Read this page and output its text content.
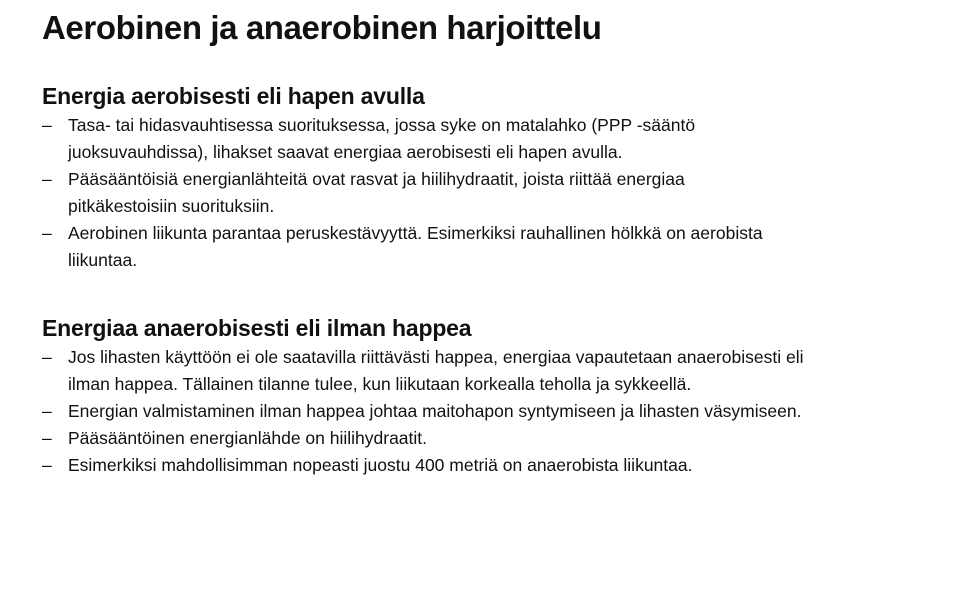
Aerobinen ja anaerobinen harjoittelu
Energia aerobisesti eli hapen avulla
– Tasa- tai hidasvauhtisessa suorituksessa, jossa syke on matalahko (PPP -sääntö juoksuvauhdissa), lihakset saavat energiaa aerobisesti eli hapen avulla.
– Pääsääntöisiä energianlähteitä ovat rasvat ja hiilihydraatit, joista riittää energiaa pitkäkestoisiin suorituksiin.
– Aerobinen liikunta parantaa peruskestävyyttä. Esimerkiksi rauhallinen hölkkä on aerobista liikuntaa.
Energiaa anaerobisesti eli ilman happea
– Jos lihasten käyttöön ei ole saatavilla riittävästi happea, energiaa vapautetaan anaerobisesti eli ilman happea. Tällainen tilanne tulee, kun liikutaan korkealla teholla ja sykkeellä.
– Energian valmistaminen ilman happea johtaa maitohapon syntymiseen ja lihasten väsymiseen.
– Pääsääntöinen energianlähde on hiilihydraatit.
– Esimerkiksi mahdollisimman nopeasti juostu 400 metriä on anaerobista liikuntaa.
